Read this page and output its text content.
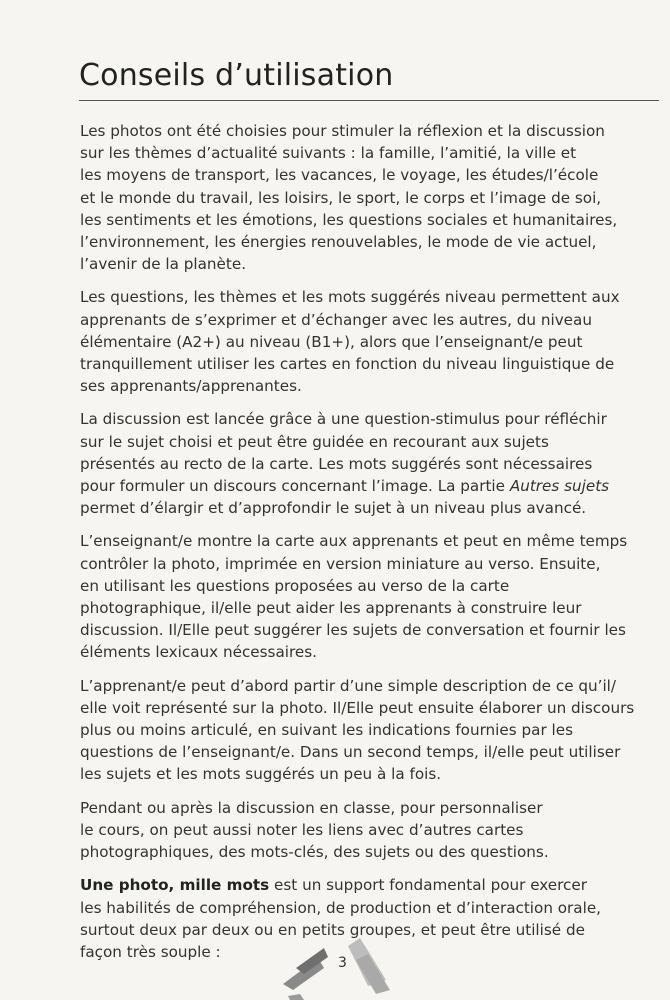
Conseils d’utilisation

Les photos ont été choisies pour stimuler la réflexion et la discussion
sur les thèmes d’actualité suivants : la famille, l’amitié, la ville et
les moyens de transport, les vacances, le voyage, les études/l’école
et le monde du travail, les loisirs, le sport, le corps et l’image de soi,
les sentiments et les émotions, les questions sociales et humanitaires,
l’environnement, les énergies renouvelables, le mode de vie actuel,
l’avenir de la planète.

Les questions, les thèmes et les mots suggérés niveau permettent aux
apprenants de s’exprimer et d’échanger avec les autres, du niveau
élémentaire (A2+) au niveau (B1+), alors que l’enseignant/e peut
tranquillement utiliser les cartes en fonction du niveau linguistique de
ses apprenants/apprenantes.

La discussion est lancée grâce à une question-stimulus pour réfléchir
sur le sujet choisi et peut être guidée en recourant aux sujets
présentés au recto de la carte. Les mots suggérés sont nécessaires
pour formuler un discours concernant l’image. La partie Autres sujets
permet d’élargir et d’approfondir le sujet à un niveau plus avancé.

L’enseignant/e montre la carte aux apprenants et peut en même temps
contrôler la photo, imprimée en version miniature au verso. Ensuite,
en utilisant les questions proposées au verso de la carte
photographique, il/elle peut aider les apprenants à construire leur
discussion. Il/Elle peut suggérer les sujets de conversation et fournir les
éléments lexicaux nécessaires.

L’apprenant/e peut d’abord partir d’une simple description de ce qu’il/
elle voit représenté sur la photo. Il/Elle peut ensuite élaborer un discours
plus ou moins articulé, en suivant les indications fournies par les
questions de l’enseignant/e. Dans un second temps, il/elle peut utiliser
les sujets et les mots suggérés un peu à la fois.

Pendant ou après la discussion en classe, pour personnaliser
le cours, on peut aussi noter les liens avec d’autres cartes
photographiques, des mots-clés, des sujets ou des questions.

Une photo, mille mots est un support fondamental pour exercer
les habilités de compréhension, de production et d’interaction orale,
surtout deux par deux ou en petits groupes, et peut être utilisé de
façon très souple :

3
